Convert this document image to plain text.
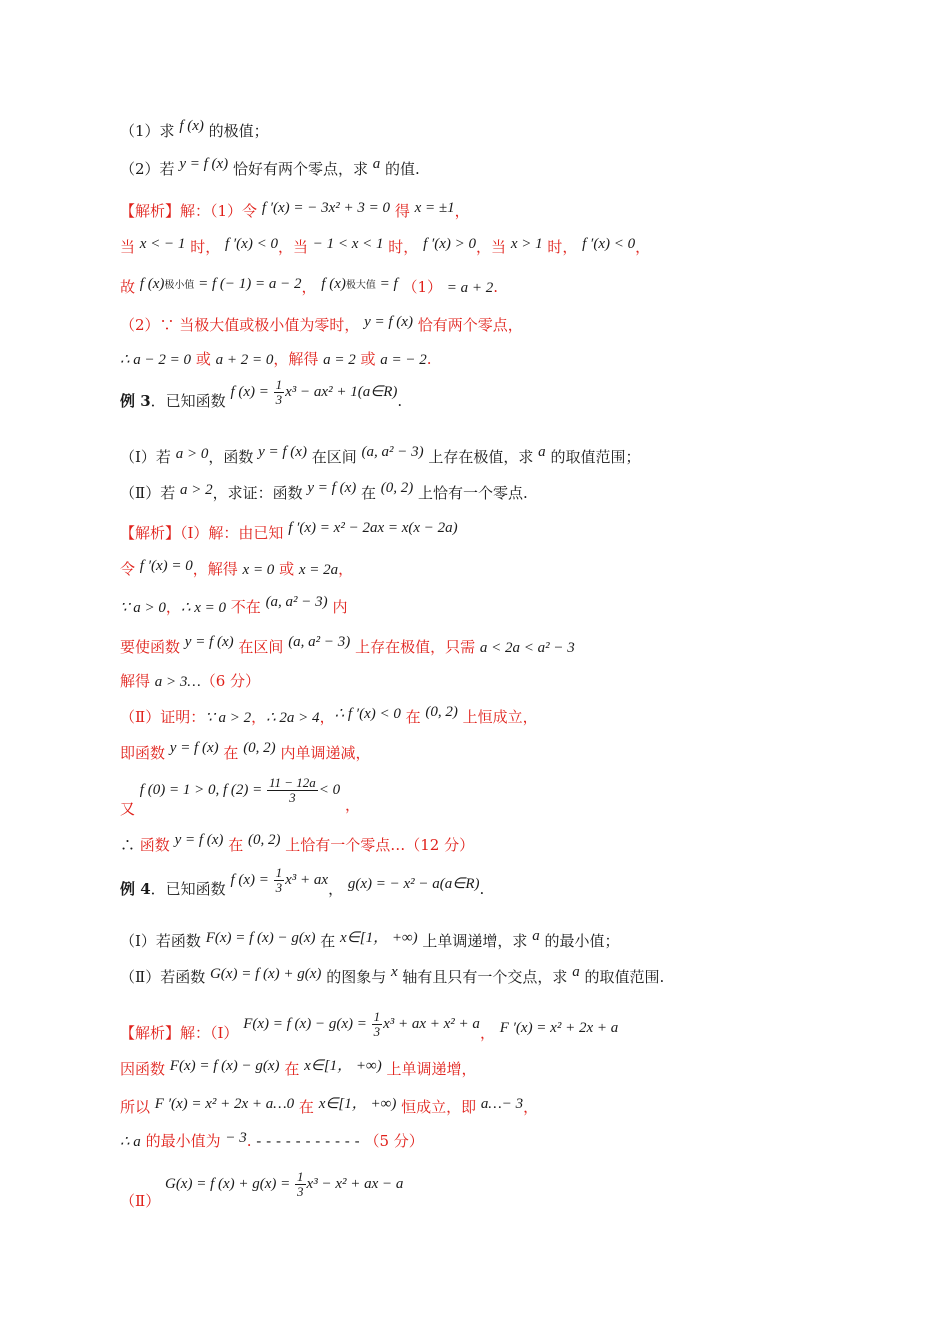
（1）求 f (x) 的极值；
（2）若 y = f (x) 恰好有两个零点，求 a 的值.
【解析】解：（1）令 f ′(x) = − 3x² + 3 = 0 得 x = ±1，
当 x < − 1 时， f ′(x) < 0，当 − 1 < x < 1 时， f ′(x) > 0，当 x > 1 时， f ′(x) < 0，
故 f (x)极小值 = f (− 1) = a − 2， f (x)极大值 = f （1） = a + 2.
（2）∵ 当极大值或极小值为零时， y = f (x) 恰有两个零点，
∴ a − 2 = 0 或 a + 2 = 0，解得 a = 2 或 a = − 2.
例 3．已知函数 f $(x) = \frac{1}{3} x^3 - ax^2$ + 1(a∈R).
（Ⅰ）若 a > 0，函数 y = f (x) 在区间 (a, a² − 3) 上存在极值，求 a 的取值范围；
（Ⅱ）若 a > 2，求证：函数 y = f (x) 在 (0, 2) 上恰有一个零点.
【解析】（Ⅰ）解：由已知 f ′(x) = x² − 2ax = x(x − 2a)
令 f ′(x) = 0，解得 x = 0 或 x = 2a，
∵ a > 0，∴ x = 0 不在 (a, a² − 3) 内
要使函数 y = f (x) 在区间 (a, a² − 3) 上存在极值，只需 a < 2a < a² − 3
解得 a > 3…（6 分）
（Ⅱ）证明：∵ a > 2，∴ 2a > 4，∴ f ′(x) < 0 在 (0, 2) 上恒成立，
即函数 y = f (x) 在 (0, 2) 内单调递减，
又 f (0) = 1 > 0, f $(2) = \frac{11 - 12a}{3} < 0$ ，
∴ 函数 y = f (x) 在 (0, 2) 上恰有一个零点…（12 分）
例 4．已知函数 f $(x) = \frac{1}{3} x^3$ + ax， g(x) = − x² − a(a∈R).
（Ⅰ）若函数 F(x) = f (x) − g(x) 在 x∈[1， +∞) 上单调递增，求 a 的最小值；
（Ⅱ）若函数 G(x) = f (x) + g(x) 的图象与 x 轴有且只有一个交点，求 a 的取值范围.
【解析】解：（Ⅰ） F(x) = f $(x) - g(x) = \frac{1}{3} x^3$ + ax + x² + a， F ′(x) = x² + 2x + a
因函数 F(x) = f (x) − g(x) 在 x∈[1， +∞) 上单调递增，
所以 F ′(x) = x² + 2x + a…0 在 x∈[1， +∞) 恒成立，即 a…− 3，
∴ a 的最小值为 − 3. - - - - - - - - - - - （5 分）
（Ⅱ） G(x) = f $(x) + g(x) = \frac{1}{3} x^3 - x^2$ + ax − a
